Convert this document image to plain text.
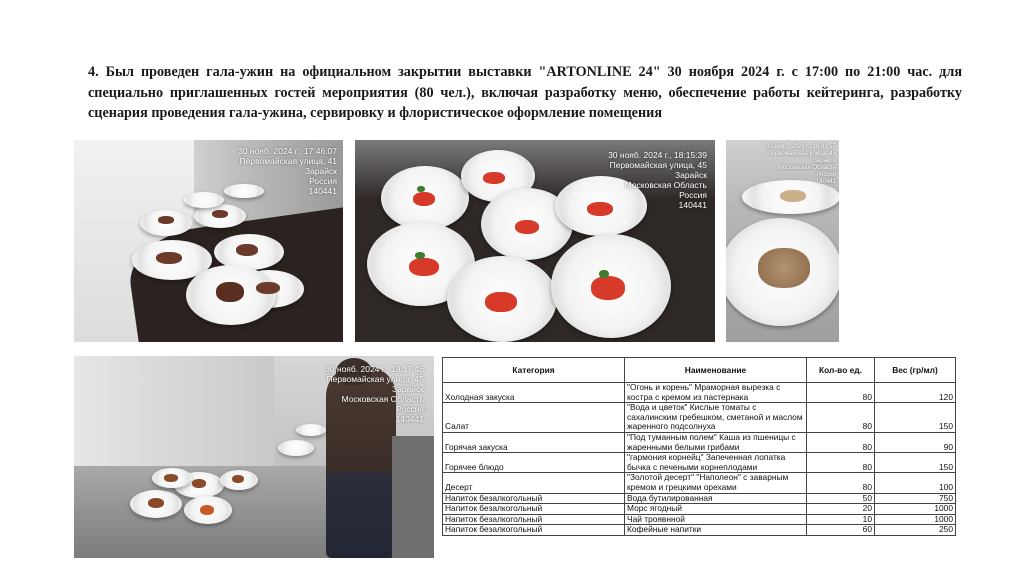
4. Был проведен гала-ужин на официальном закрытии выставки "ARTONLINE 24" 30 ноября 2024 г. с 17:00 по 21:00 час. для специально приглашенных гостей мероприятия (80 чел.), включая разработку меню, обеспечение работы кейтеринга, разработку сценария проведения гала-ужина, сервировку и флористическое оформление помещения
30 нояб. 2024 г., 17:46:07
Первомайская улица, 41
Зарайск
Россия
140441
30 нояб. 2024 г., 18:15:39
Первомайская улица, 45
Зарайск
Московская Область
Россия
140441
30 нояб. 2024 г., 18:43:57
Первомайская улица, 45
Зарайск
Московская Область
Россия
140441
30 нояб. 2024 г., 19:17:46
Первомайская улица, 45
Зарайск
Московская Область
Россия
140441
Категория	Наименование	Кол-во ед.	Вес (гр/мл)
Холодная закуска	"Огонь и корень" Мраморная вырезка с костра с кремом из пастернака	80	120
Салат	"Вода и цветок" Кислые томаты с сахалинским гребешком, сметаной и маслом жаренного подсолнуха	80	150
Горячая закуска	"Под туманным полем" Каша из пшеницы с жаренными белыми грибами	80	90
Горячее блюдо	"гармония корнейц" Запеченная лопатка бычка с печеными корнеплодами	80	150
Десерт	"Золотой десерт" "Наполеон" с заварным кремом и грецкими орехами	80	100
Напиток безалкогольный	Вода бутилированная	50	750
Напиток безалкогольный	Морс ягодный	20	1000
Напиток безалкогольный	Чай троявнной	10	1000
Напиток безалкогольный	Кофейные напитки	60	250
